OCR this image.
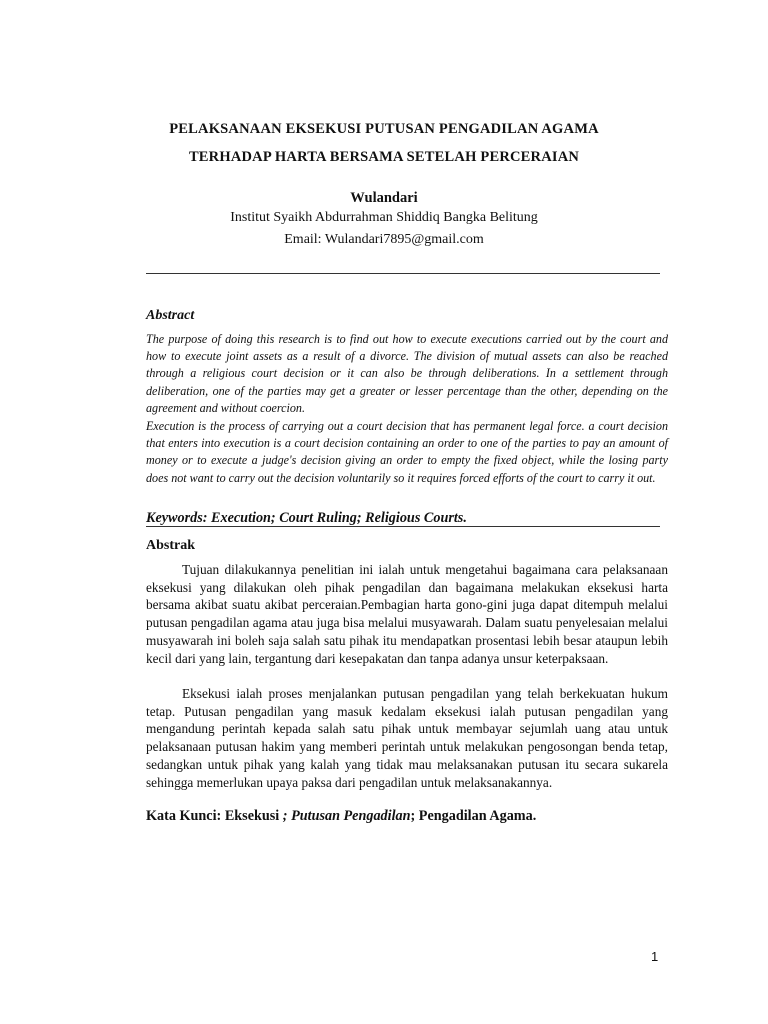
PELAKSANAAN EKSEKUSI PUTUSAN PENGADILAN AGAMA
TERHADAP HARTA BERSAMA SETELAH PERCERAIAN
Wulandari
Institut Syaikh Abdurrahman Shiddiq Bangka Belitung
Email: Wulandari7895@gmail.com
Abstract
The purpose of doing this research is to find out how to execute executions carried out by the court and how to execute joint assets as a result of a divorce. The division of mutual assets can also be reached through a religious court decision or it can also be through deliberations. In a settlement through deliberation, one of the parties may get a greater or lesser percentage than the other, depending on the agreement and without coercion.
Execution is the process of carrying out a court decision that has permanent legal force. a court decision that enters into execution is a court decision containing an order to one of the parties to pay an amount of money or to execute a judge's decision giving an order to empty the fixed object, while the losing party does not want to carry out the decision voluntarily so it requires forced efforts of the court to carry it out.
Keywords: Execution; Court Ruling; Religious Courts.
Abstrak
Tujuan dilakukannya penelitian ini ialah untuk mengetahui bagaimana cara pelaksanaan eksekusi yang dilakukan oleh pihak pengadilan dan bagaimana melakukan eksekusi harta bersama akibat suatu akibat perceraian.Pembagian harta gono-gini juga dapat ditempuh melalui putusan pengadilan agama atau juga bisa melalui musyawarah. Dalam suatu penyelesaian melalui musyawarah ini boleh saja salah satu pihak itu mendapatkan prosentasi lebih besar ataupun lebih kecil dari yang lain, tergantung dari kesepakatan dan tanpa adanya unsur keterpaksaan.
Eksekusi ialah proses menjalankan putusan pengadilan yang telah berkekuatan hukum tetap. Putusan pengadilan yang masuk kedalam eksekusi ialah putusan pengadilan yang mengandung perintah kepada salah satu pihak untuk membayar sejumlah uang atau untuk pelaksanaan putusan hakim yang memberi perintah untuk melakukan pengosongan benda tetap, sedangkan untuk pihak yang kalah yang tidak mau melaksanakan putusan itu secara sukarela sehingga memerlukan upaya paksa dari pengadilan untuk melaksanakannya.
Kata Kunci: Eksekusi ; Putusan Pengadilan; Pengadilan Agama.
1
